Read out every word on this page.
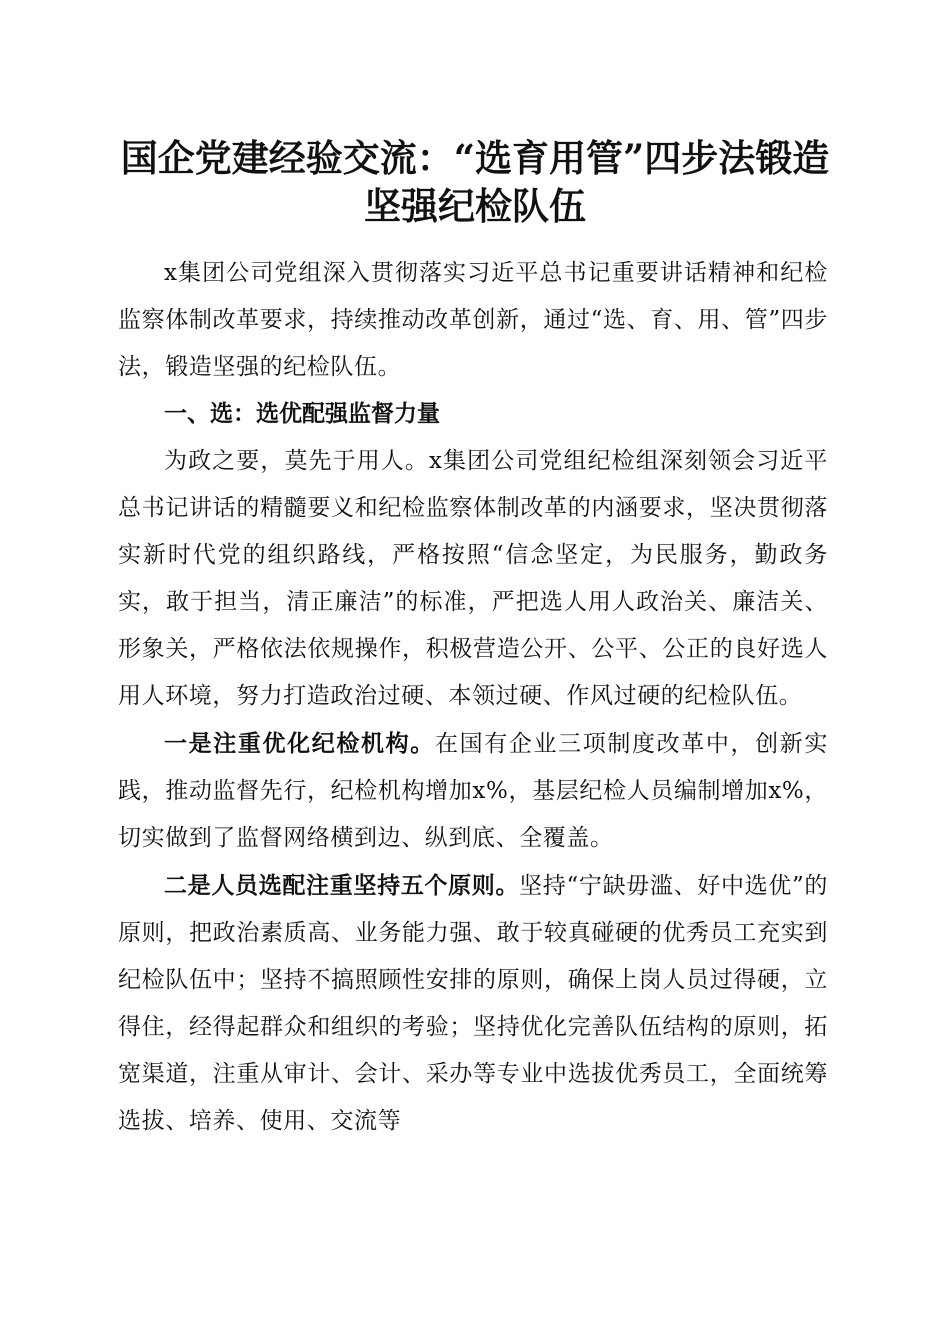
国企党建经验交流：“选育用管”四步法锻造
坚强纪检队伍

x集团公司党组深入贯彻落实习近平总书记重要讲话精神和纪检监察体制改革要求，持续推动改革创新，通过“选、育、用、管”四步法，锻造坚强的纪检队伍。

一、选：选优配强监督力量

为政之要，莫先于用人。x集团公司党组纪检组深刻领会习近平总书记讲话的精髓要义和纪检监察体制改革的内涵要求，坚决贯彻落实新时代党的组织路线，严格按照“信念坚定，为民服务，勤政务实，敢于担当，清正廉洁”的标准，严把选人用人政治关、廉洁关、形象关，严格依法依规操作，积极营造公开、公平、公正的良好选人用人环境，努力打造政治过硬、本领过硬、作风过硬的纪检队伍。

一是注重优化纪检机构。在国有企业三项制度改革中，创新实践，推动监督先行，纪检机构增加x%，基层纪检人员编制增加x%，切实做到了监督网络横到边、纵到底、全覆盖。

二是人员选配注重坚持五个原则。坚持“宁缺毋滥、好中选优”的原则，把政治素质高、业务能力强、敢于较真碰硬的优秀员工充实到纪检队伍中；坚持不搞照顾性安排的原则，确保上岗人员过得硬，立得住，经得起群众和组织的考验；坚持优化完善队伍结构的原则，拓宽渠道，注重从审计、会计、采办等专业中选拔优秀员工，全面统筹选拔、培养、使用、交流等
